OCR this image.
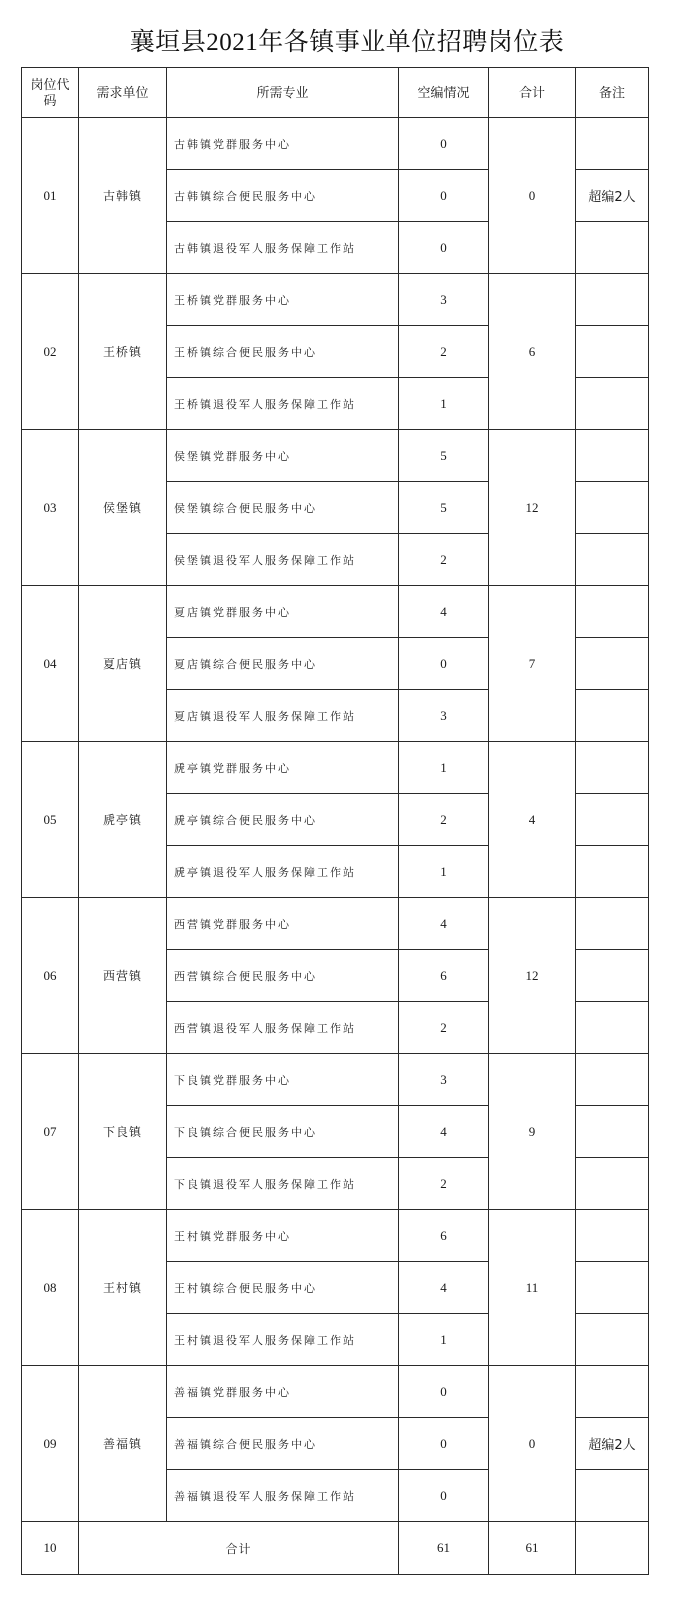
襄垣县2021年各镇事业单位招聘岗位表
岗位代码	需求单位	所需专业	空编情况	合计	备注
01	古韩镇	古韩镇党群服务中心	0	0	
		古韩镇综合便民服务中心	0		超编2人
		古韩镇退役军人服务保障工作站	0		
02	王桥镇	王桥镇党群服务中心	3	6	
		王桥镇综合便民服务中心	2		
		王桥镇退役军人服务保障工作站	1		
03	侯堡镇	侯堡镇党群服务中心	5	12	
		侯堡镇综合便民服务中心	5		
		侯堡镇退役军人服务保障工作站	2		
04	夏店镇	夏店镇党群服务中心	4	7	
		夏店镇综合便民服务中心	0		
		夏店镇退役军人服务保障工作站	3		
05	虒亭镇	虒亭镇党群服务中心	1	4	
		虒亭镇综合便民服务中心	2		
		虒亭镇退役军人服务保障工作站	1		
06	西营镇	西营镇党群服务中心	4	12	
		西营镇综合便民服务中心	6		
		西营镇退役军人服务保障工作站	2		
07	下良镇	下良镇党群服务中心	3	9	
		下良镇综合便民服务中心	4		
		下良镇退役军人服务保障工作站	2		
08	王村镇	王村镇党群服务中心	6	11	
		王村镇综合便民服务中心	4		
		王村镇退役军人服务保障工作站	1		
09	善福镇	善福镇党群服务中心	0	0	
		善福镇综合便民服务中心	0		超编2人
		善福镇退役军人服务保障工作站	0		
10	合计		61	61	
